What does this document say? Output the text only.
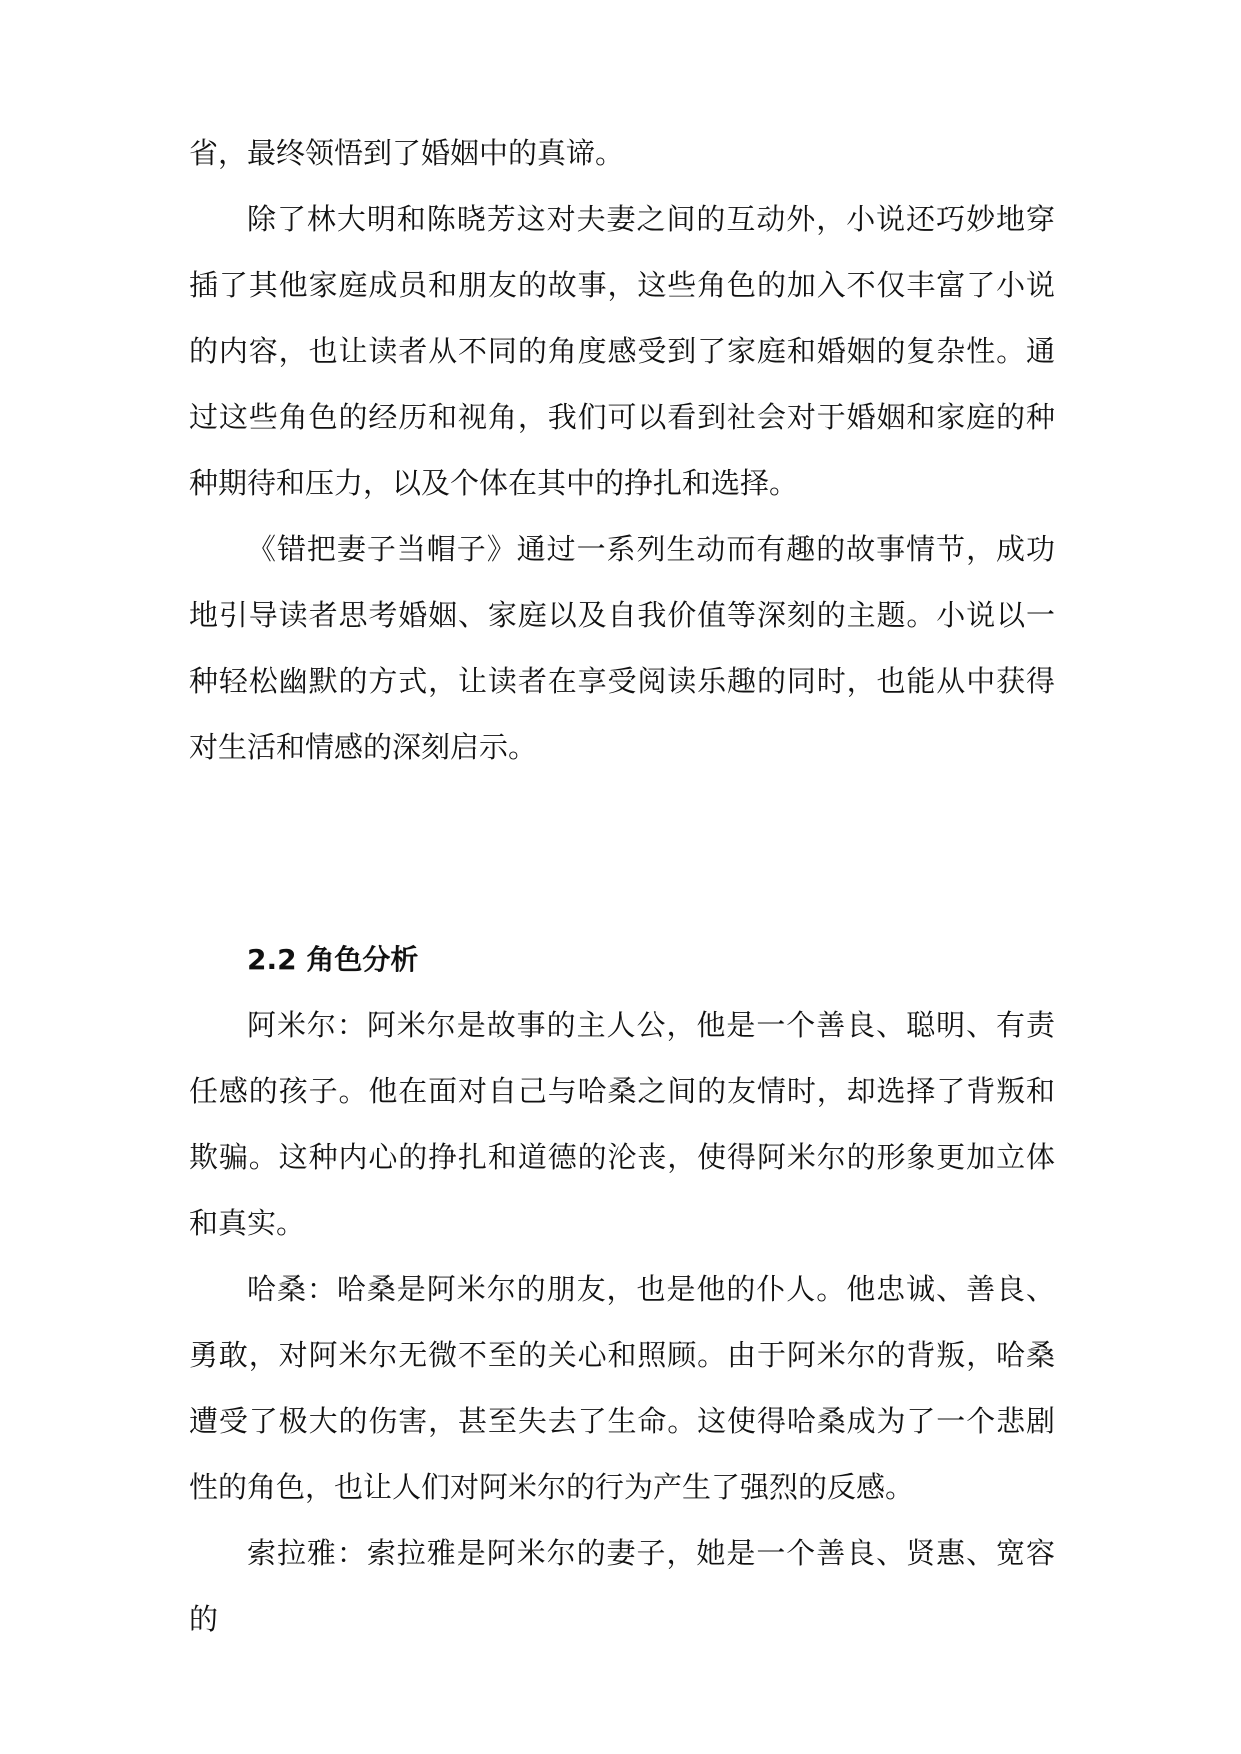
省，最终领悟到了婚姻中的真谛。

除了林大明和陈晓芳这对夫妻之间的互动外，小说还巧妙地穿插了其他家庭成员和朋友的故事，这些角色的加入不仅丰富了小说的内容，也让读者从不同的角度感受到了家庭和婚姻的复杂性。通过这些角色的经历和视角，我们可以看到社会对于婚姻和家庭的种种期待和压力，以及个体在其中的挣扎和选择。

《错把妻子当帽子》通过一系列生动而有趣的故事情节，成功地引导读者思考婚姻、家庭以及自我价值等深刻的主题。小说以一种轻松幽默的方式，让读者在享受阅读乐趣的同时，也能从中获得对生活和情感的深刻启示。

2.2 角色分析

阿米尔：阿米尔是故事的主人公，他是一个善良、聪明、有责任感的孩子。他在面对自己与哈桑之间的友情时，却选择了背叛和欺骗。这种内心的挣扎和道德的沦丧，使得阿米尔的形象更加立体和真实。

哈桑：哈桑是阿米尔的朋友，也是他的仆人。他忠诚、善良、勇敢，对阿米尔无微不至的关心和照顾。由于阿米尔的背叛，哈桑遭受了极大的伤害，甚至失去了生命。这使得哈桑成为了一个悲剧性的角色，也让人们对阿米尔的行为产生了强烈的反感。

索拉雅：索拉雅是阿米尔的妻子，她是一个善良、贤惠、宽容的
